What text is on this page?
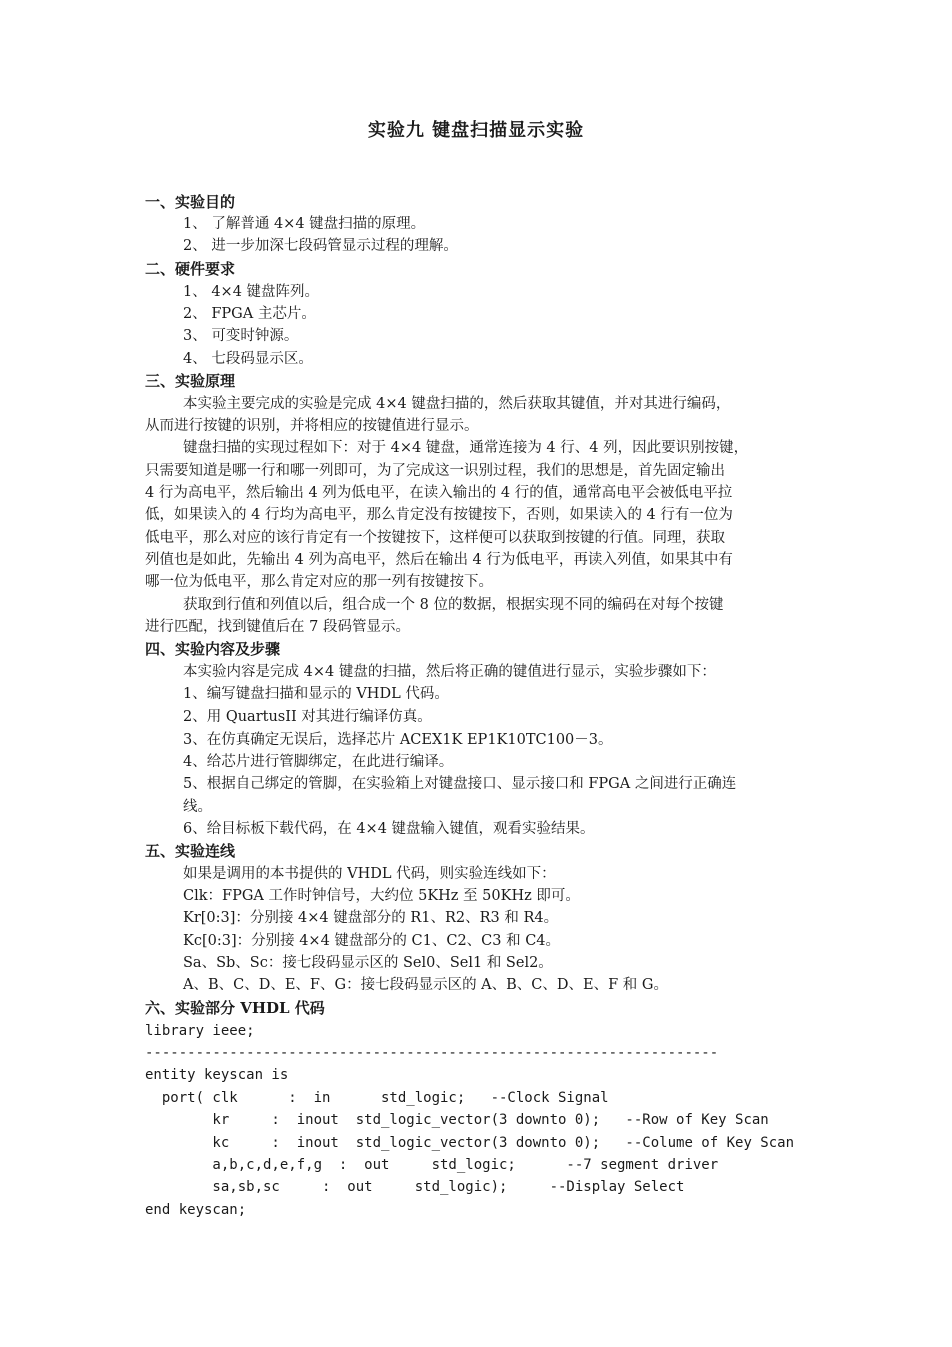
实验九 键盘扫描显示实验
一、实验目的
1、 了解普通 4×4 键盘扫描的原理。
2、 进一步加深七段码管显示过程的理解。
二、硬件要求
1、 4×4 键盘阵列。
2、 FPGA 主芯片。
3、 可变时钟源。
4、 七段码显示区。
三、实验原理
本实验主要完成的实验是完成 4×4 键盘扫描的，然后获取其键值，并对其进行编码，
从而进行按键的识别，并将相应的按键值进行显示。
键盘扫描的实现过程如下：对于 4×4 键盘，通常连接为 4 行、4 列，因此要识别按键，
只需要知道是哪一行和哪一列即可，为了完成这一识别过程，我们的思想是，首先固定输出
4 行为高电平，然后输出 4 列为低电平，在读入输出的 4 行的值，通常高电平会被低电平拉
低，如果读入的 4 行均为高电平，那么肯定没有按键按下，否则，如果读入的 4 行有一位为
低电平，那么对应的该行肯定有一个按键按下，这样便可以获取到按键的行值。同理，获取
列值也是如此，先输出 4 列为高电平，然后在输出 4 行为低电平，再读入列值，如果其中有
哪一位为低电平，那么肯定对应的那一列有按键按下。
获取到行值和列值以后，组合成一个 8 位的数据，根据实现不同的编码在对每个按键
进行匹配，找到键值后在 7 段码管显示。
四、实验内容及步骤
本实验内容是完成 4×4 键盘的扫描，然后将正确的键值进行显示，实验步骤如下：
1、编写键盘扫描和显示的 VHDL 代码。
2、用 QuartusII 对其进行编译仿真。
3、在仿真确定无误后，选择芯片 ACEX1K EP1K10TC100－3。
4、给芯片进行管脚绑定，在此进行编译。
5、根据自己绑定的管脚，在实验箱上对键盘接口、显示接口和 FPGA 之间进行正确连
线。
6、给目标板下载代码，在 4×4 键盘输入键值，观看实验结果。
五、实验连线
如果是调用的本书提供的 VHDL 代码，则实验连线如下：
Clk：FPGA 工作时钟信号，大约位 5KHz 至 50KHz 即可。
Kr[0:3]：分别接 4×4 键盘部分的 R1、R2、R3 和 R4。
Kc[0:3]：分别接 4×4 键盘部分的 C1、C2、C3 和 C4。
Sa、Sb、Sc：接七段码显示区的 Sel0、Sel1 和 Sel2。
A、B、C、D、E、F、G：接七段码显示区的 A、B、C、D、E、F 和 G。
六、实验部分 VHDL 代码
library ieee;
--------------------------------------------------------------------
entity keyscan is
port( clk      :  in      std_logic;   --Clock Signal
kr     :  inout  std_logic_vector(3 downto 0);   --Row of Key Scan
kc     :  inout  std_logic_vector(3 downto 0);   --Colume of Key Scan
a,b,c,d,e,f,g  :  out     std_logic;      --7 segment driver
sa,sb,sc     :  out     std_logic);     --Display Select
end keyscan;
